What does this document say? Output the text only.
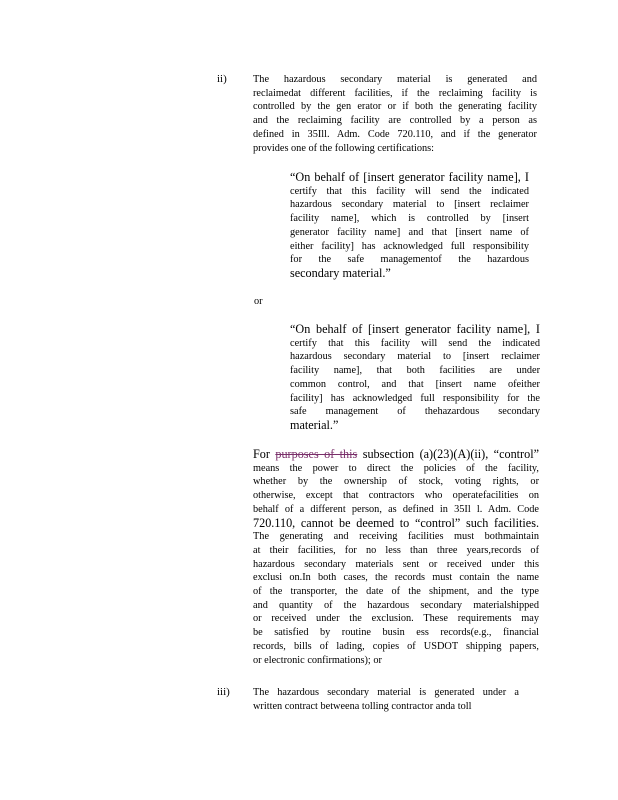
ii)	The hazardous secondary material is generated and
reclaimedat different facilities, if the reclaiming facility is
controlled by the gen erator or if both the generating facility
and the reclaiming facility are controlled by a person as
defined in 35Ill. Adm. Code 720.110, and if the generator
provides one of the following certifications:
“On behalf of [insert generator facility name], I
certify that this facility will send the indicated
hazardous secondary material to [insert reclaimer
facility name], which is controlled by [insert
generator facility name] and that [insert name of
either facility] has acknowledged full responsibility
for the safe managementof the hazardous
secondary material.”
or
“On behalf of [insert generator facility name], I
certify that this facility will send the indicated
hazardous secondary material to [insert reclaimer
facility name], that both facilities are under
common control, and that [insert name ofeither
facility] has acknowledged full responsibility for the
safe management of thehazardous secondary
material.”
For purposes of this subsection (a)(23)(A)(ii), “control”
means the power to direct the policies of the facility,
whether by the ownership of stock, voting rights, or
otherwise, except that contractors who operatefacilities on
behalf of a different person, as defined in 35Il l. Adm. Code
720.110, cannot be deemed to “control” such facilities.
The generating and receiving facilities must bothmaintain
at their facilities, for no less than three years,records of
hazardous secondary materials sent or received under this
exclusi on.In both cases, the records must contain the name
of the transporter, the date of the shipment, and the type
and quantity of the hazardous secondary materialshipped
or received under the exclusion. These requirements may
be satisfied by routine busin ess records(e.g., financial
records, bills of lading, copies of USDOT shipping papers,
or electronic confirmations); or
iii) The hazardous secondary material is generated under a
written contract betweena tolling contractor anda toll
